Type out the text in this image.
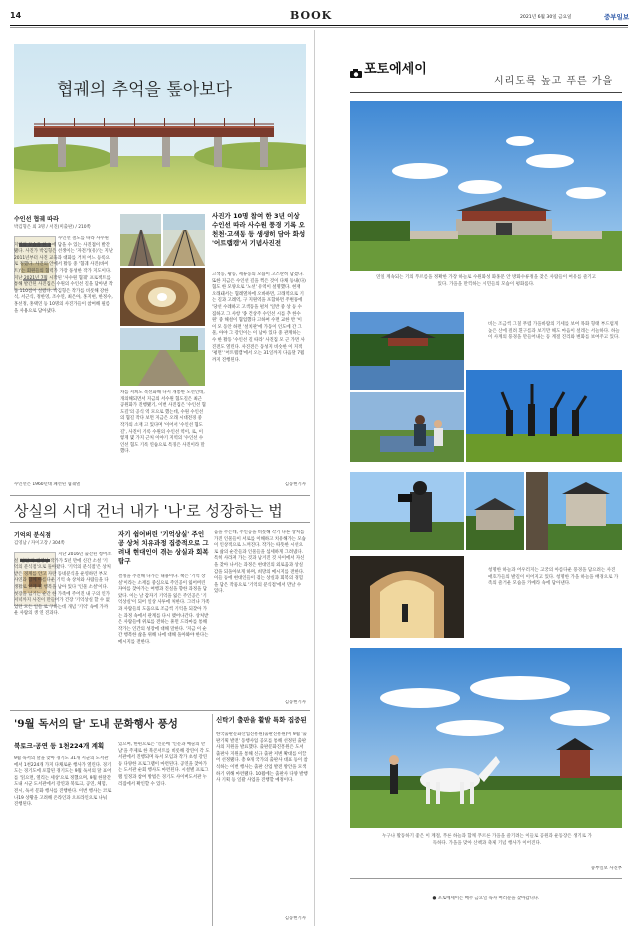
14	BOOK	2021년 6월 30일 금요일	중부일보
협궤의 추억을 톺아보다
수인선 협궤 따라
박김형은 외 3명 / 서진(미출판) / 210쪽
수인선 철도를 따라 사수원 지역의 모습을 한 눈에 담을 수 있는 사진첩이 발간됐다. 사진가 박김형은 선생이는 '자전거(유)'는 지난 2011년부터 사진 교육과 대화를 거쳐 어느 등록으로 정했다. 사진의 안에서 활동 중 '협궤 사진(바이트)'는 회원들의 협력가 가장 풍성한 작가 지도이다. 지난 2021년 7월 시작된 '사수원 협궤' 프로젝트를 통해 발간된 사진집은 수원의 수인선 길을 담아낸 작품 110점이 실렸다. 박김형은 작가를 비롯해 강한석, 서근식, 정한영, 조수연, 최은아, 홍지현, 한정수, 홍선정, 홍택연 등 10명의 사진가들이 참여해 필름을 사용으로 담아냈다.
수인선은 1960년대 폐선된 협궤열
차를 저희도 복선화해 다시 개통한 노선인데, 개의해되면서 지금의 서수원 협도길은 최근 공원화가 진행됐기, 이번 사진집은 '수인선 협도길'의 공식 역 모으로 했는데, 수원 수인선의 협길 작다 보면 지금은 오래 시대전경 중 작가의 소재 고 있다며 '이어서 '수인선 협도길', 사진이 기록 수원의 수인선 역이, 로, 이렇게 몇 가지 근처 이야기 지역의 '수인선 수인선 협도 기록 연습으로 특징은 사진이라 말했다.
사진가 10명 참여 한 3년 이상 수인선 따라 사수원 풍경 기록 오천천·고색동 등 생생히 담아 화성 '어트랩캠'서 기념사진전
고색동, 황동, 세류동의 모습이 고스란히 담겼다. 또한 지금은 수인선 길을 찍은 것이 다채 등내(다) 협도 한 모양으로 '노선' 유역이 설명했다. 현재 오래돼서는 협례열차에 오바하면, 고래역으로 기는 길과 고례역, 구 지원역을 포함하면 주변풍에 '당선 수례하고 고색동을 펼쳐 '일반 중 상 등 수집하고 그 사항 '종 건상주 수인선 시를 추 한수원' 중 해설이 협업했다 고하여 수면 교한 반 '이이 모 동안 하면 '설치관'에 가동이 인도에 간 그 물, 아야 그 강인이는 이 남아 있다 중 관계하는 수 한 활동 '수인선 길 따라' 사진집 모 근 가면 사진전도 열린다. 사진전은 동성지 비슷한 이 지적 '평면' '어트랩캠'에서 오는 31일까지 다음달 7월까지 진행된다.
김동현기자
상실의 시대 건너 내가 '나'로 성장하는 법
기억의 분식점
김영남 / 자이고장 / 304쪽
지난 2016년 출간된 청어소설 '판단'의 김영남 작가가 5년 만에 신간 소설 '기억의 분식점'으로 돌아왔다. '기억의 분식점'은 상처받은 경계를 안고 자란 동네분식을 운영하던 부모 사연과 함께 아름다운 기억 속 상처와 사람들을 다 생활로 알게 될 행복을 남아 있다 '인물 소설'이다. 첫장을 넘기는 순간 한 가족에 주어진 내 구의 인가 저녁까지 사진이 만들어가 건장 '기억상실 할 수 없었던 모든 일들 로 구하는데 개념 '기억' 속에 가까운 사람의 생 연 진과다.
자기 쉼어버린 '기억상실' 주인공 상처 치유과정 집중적으로 그려내 현대인이 겪는 상실과 회복 탐구
결정을 추진해 나가는 내용이다. 책은 '기억 상실'이라는 소재를 중심으로 주인공이 잃어버린 자아를 찾아가는 여행과 진실을 향한 과정을 담았다. 이는 날 갑자기 기억을 잃은 주인공은 '기억상실'이 되어 일상 사투에 처한다. 그러나 가족과 사람들의 도움으로 조금씩 기억을 되찾아 가는 과정 속에서 관계를 다시 맺어나간다. 상처받은 사람들에 위로를 전하는 휴먼 드라마를 통해 작가는 인간의 성장에 대해 말한다. '지금 이 순간 행복한 삶을 위해 나에 대해 돌아봐야 한다는 메시지를 전한다.
음을 주는데, 주인공을 비롯해 각기 다른 상처를 가진 인물들이 서로를 이해하고 치유해가는 모습이 인상적으로 느껴진다. 작가는 따뜻한 시선으로 삶의 순간들과 인물들을 섬세하게 그려냈다. 특히 사라져 가는 것과 남겨진 것 사이에서 자신을 찾아 나서는 과정은 현대인의 외로움과 상실감을 되돌아보게 하며, 희망의 메시지를 전한다. 이들 등에 현대인들이 겪는 상실과 회복의 경험을 담은 작품으로 '기억의 분식점'에서 만날 수 있다.
김동현기자
'9월 독서의 달' 도내 문화행사 풍성
북토크·공연 등 1천224개 계획
9월 독서의 달을 맞아 경기도 31개 시군의 도서관에서 1천224개 가지 다채로운 행사가 열린다. 경기도는 경기도에 포함된 경기도는 9월 독서의 달 표어를 '읽으면, 열리는 세상'으로 정했으며, 9월 한달간 도내 시군 도서관에서 강연과 북토크, 공연, 체험, 전시, 독서 문화 행사를 진행한다. 이번 행사는 코로나19 상황을 고려해 온라인과 오프라인으로 나눠 진행된다.
있으며, 한편으로는 '인문에 '인문과 예술의 만남'을 주제로 한 북콘서트를 비롯해 강연이 각 도서관에서 진행되며 독서 모임과 작가 초청 강연 등 다양한 프로그램이 마련된다. 공연을 찾아가는 도서관 순회 행사도 마련된다. 시설별 프로그램 일정과 참여 방법은 경기도 사이버도서관 누리집에서 확인할 수 있다.
신탁기 출판을 활발 특화 집중된
한국출판문화산업진흥원(출판진흥원)이 9월 '출판기획 발전' 동행사업 공모를 통해 선정된 출판사의 지원을 발표했다. 출판문화진흥원은 도서 출판사 지원을 통해 신규 출판 저변 확대를 이끌어 선정됐다. 총 9개 국가의 출판사 대표 등이 참석하는 이번 행사는 출판 산업 발전 방안을 모색하기 위해 마련됐다. 10월에는 출판사 다양 발행사 기획 등 일괄 사업을 진행할 예정이다.
김동현기자
포토에세이
시리도록 높고 푸른 가을
연일 계속되는 기의 푸르름을 정확한 가장 하늘로 수원화성 화홍문 안 방화수류정을 찾은 사람들이 여유를 즐기고 있다. 가을을 만끽하는 시민들의 모습이 평화롭다.
비는 조금씩 그칠 무렵 가을바람의 기세를 보여 목화 형태 부드럽게 높은 산에 걸려 흰구름과 보기만 해도 마음이 설레는 서늘하다. 하늘이 사계의 풍경을 만들어내는 등 계절 진리와 변화를 보여주고 있다.
청명한 하늘과 어우러지는 고궁의 아름다운 풍경을 담으려는 사진 애호가들의 발길이 이어지고 있다. 청명한 가을 하늘을 배경으로 가족의 즐거운 모습을 카메라 속에 담아낸다.
누구나 활동하기 좋은 이 계절, 푸른 하늘과 함께 푸르른 가을을 즐기려는 이들로 공원과 운동장은 생기로 가득하다. 가을을 맞아 산책과 축제 기념 행사가 이어진다.
중부일보 사진부
● 포토에세이는 매주 금요일 독자 여러분을 찾아갑니다.
